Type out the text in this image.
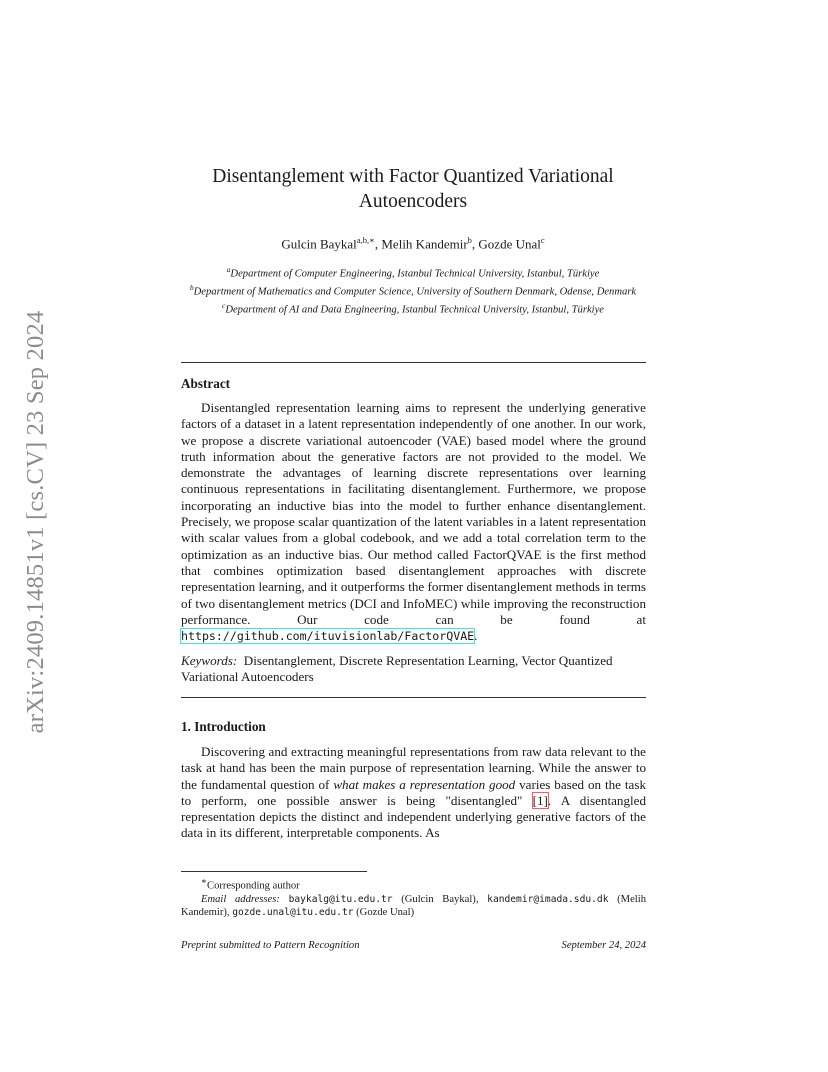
arXiv:2409.14851v1 [cs.CV] 23 Sep 2024
Disentanglement with Factor Quantized Variational
Autoencoders
Gulcin Baykal$^{a,b,∗}$, Melih Kandemir$^b$, Gozde Unal$^c$
$^a$Department of Computer Engineering, Istanbul Technical University, Istanbul, Türkiye
$^b$Department of Mathematics and Computer Science, University of Southern Denmark, Odense, Denmark
$^c$Department of AI and Data Engineering, Istanbul Technical University, Istanbul, Türkiye
Abstract
Disentangled representation learning aims to represent the underlying generative factors of a dataset in a latent representation independently of one another. In our work, we propose a discrete variational autoencoder (VAE) based model where the ground truth information about the generative factors are not provided to the model. We demonstrate the advantages of learning discrete representations over learning continuous representations in facilitating disentanglement. Furthermore, we propose incorporating an inductive bias into the model to further enhance disentanglement. Precisely, we propose scalar quantization of the latent variables in a latent representation with scalar values from a global codebook, and we add a total correlation term to the optimization as an inductive bias. Our method called FactorQVAE is the first method that combines optimization based disentanglement approaches with discrete representation learning, and it outperforms the former disentanglement methods in terms of two disentanglement metrics (DCI and InfoMEC) while improving the reconstruction performance. Our code can be found at https://github.com/ituvisionlab/FactorQVAE.
Keywords: Disentanglement, Discrete Representation Learning, Vector Quantized Variational Autoencoders
1. Introduction
Discovering and extracting meaningful representations from raw data relevant to the task at hand has been the main purpose of representation learning. While the answer to the fundamental question of what makes a representation good varies based on the task to perform, one possible answer is being "disentangled" [1]. A disentangled representation depicts the distinct and independent underlying generative factors of the data in its different, interpretable components. As
∗Corresponding author
Email addresses: baykalg@itu.edu.tr (Gulcin Baykal), kandemir@imada.sdu.dk (Melih Kandemir), gozde.unal@itu.edu.tr (Gozde Unal)
Preprint submitted to Pattern Recognition	September 24, 2024
